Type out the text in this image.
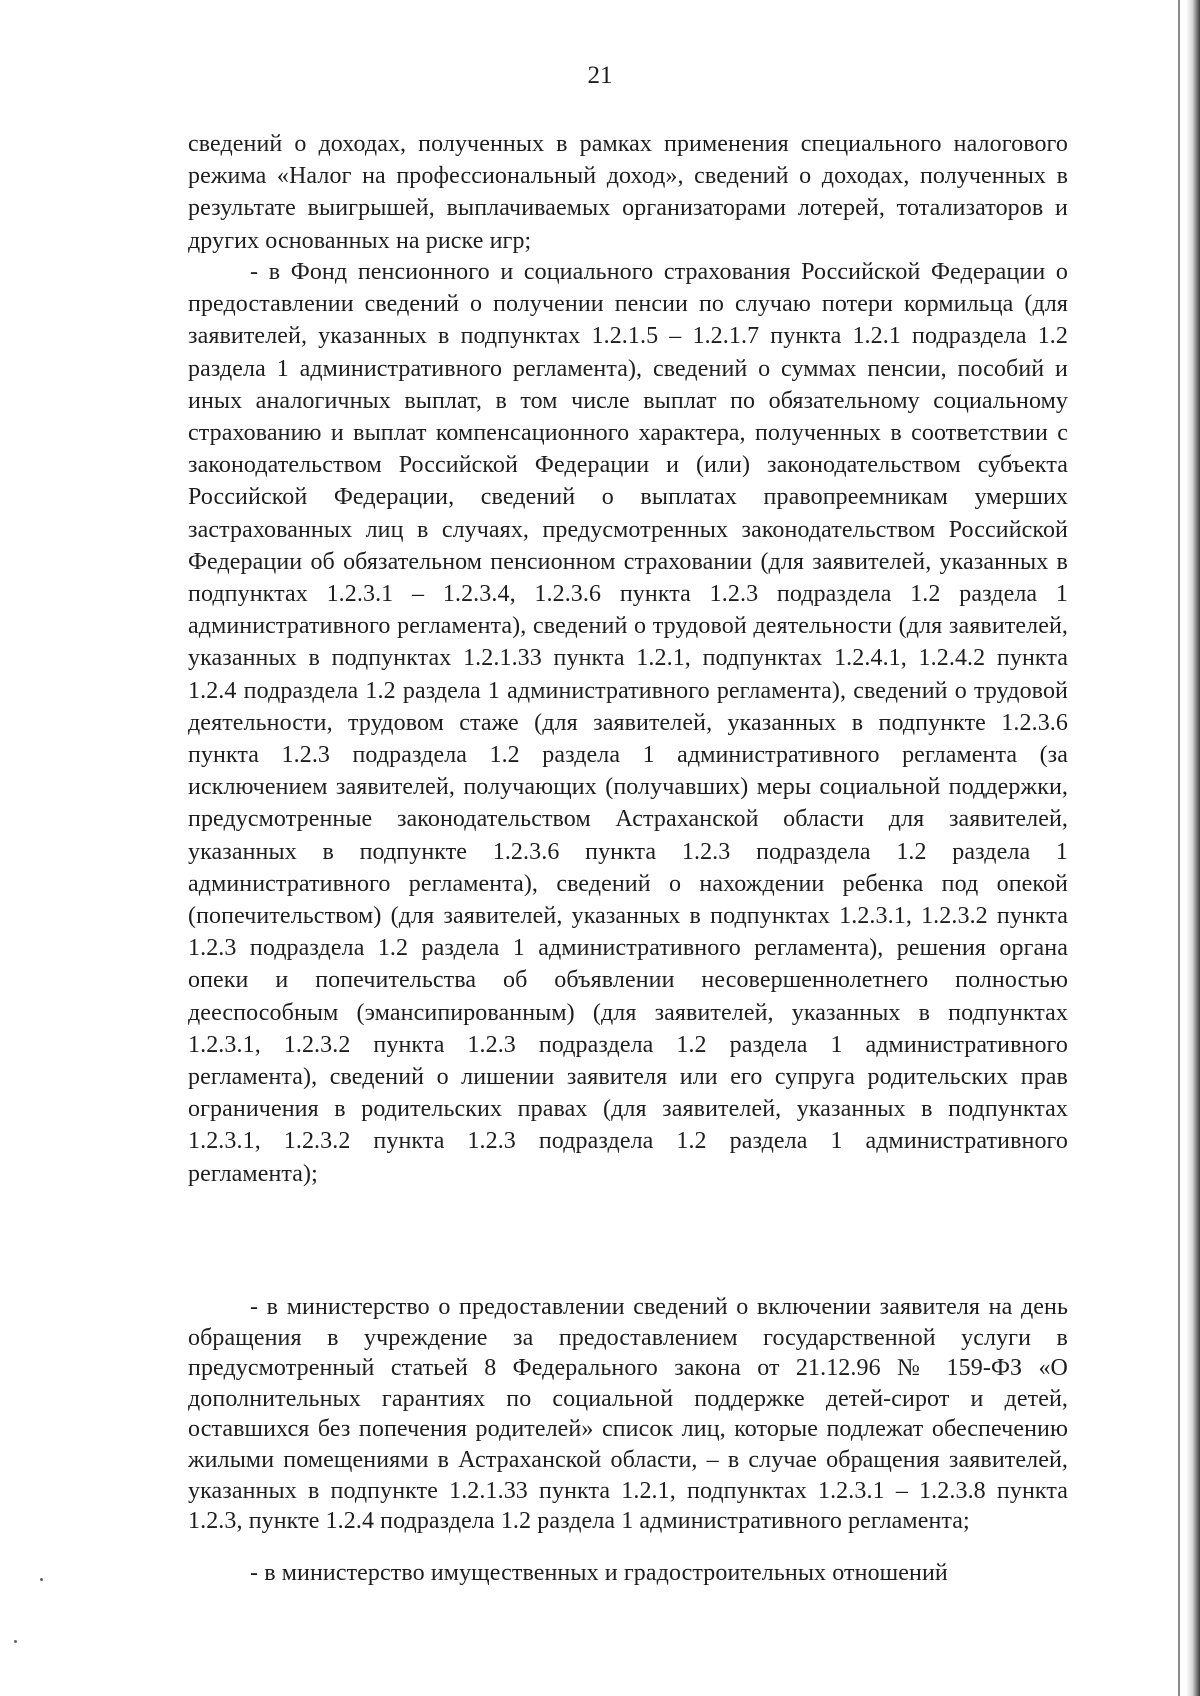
21

сведений о доходах, полученных в рамках применения специального налогового режима «Налог на профессиональный доход», сведений о доходах, полученных в результате выигрышей, выплачиваемых организаторами лотерей, тотализаторов и других основанных на риске игр;

- в Фонд пенсионного и социального страхования Российской Федерации о предоставлении сведений о получении пенсии по случаю потери кормильца (для заявителей, указанных в подпунктах 1.2.1.5 – 1.2.1.7 пункта 1.2.1 подраздела 1.2 раздела 1 административного регламента), сведений о суммах пенсии, пособий и иных аналогичных выплат, в том числе выплат по обязательному социальному страхованию и выплат компенсационного характера, полученных в соответствии с законодательством Российской Федерации и (или) законодательством субъекта Российской Федерации, сведений о выплатах правопреемникам умерших застрахованных лиц в случаях, предусмотренных законодательством Российской Федерации об обязательном пенсионном страховании (для заявителей, указанных в подпунктах 1.2.3.1 – 1.2.3.4, 1.2.3.6 пункта 1.2.3 подраздела 1.2 раздела 1 административного регламента), сведений о трудовой деятельности (для заявителей, указанных в подпунктах 1.2.1.33 пункта 1.2.1, подпунктах 1.2.4.1, 1.2.4.2 пункта 1.2.4 подраздела 1.2 раздела 1 административного регламента), сведений о трудовой деятельности, трудовом стаже (для заявителей, указанных в подпункте 1.2.3.6 пункта 1.2.3 подраздела 1.2 раздела 1 административного регламента (за исключением заявителей, получающих (получавших) меры социальной поддержки, предусмотренные законодательством Астраханской области для заявителей, указанных в подпункте 1.2.3.6 пункта 1.2.3 подраздела 1.2 раздела 1 административного регламента), сведений о нахождении ребенка под опекой (попечительством) (для заявителей, указанных в подпунктах 1.2.3.1, 1.2.3.2 пункта 1.2.3 подраздела 1.2 раздела 1 административного регламента), решения органа опеки и попечительства об объявлении несовершеннолетнего полностью дееспособным (эмансипированным) (для заявителей, указанных в подпунктах 1.2.3.1, 1.2.3.2 пункта 1.2.3 подраздела 1.2 раздела 1 административного регламента), сведений о лишении заявителя или его супруга родительских прав ограничения в родительских правах (для заявителей, указанных в подпунктах 1.2.3.1, 1.2.3.2 пункта 1.2.3 подраздела 1.2 раздела 1 административного регламента);

- в министерство о предоставлении сведений о включении заявителя на день обращения в учреждение за предоставлением государственной услуги в предусмотренный статьей 8 Федерального закона от 21.12.96 № 159-ФЗ «О дополнительных гарантиях по социальной поддержке детей-сирот и детей, оставшихся без попечения родителей» список лиц, которые подлежат обеспечению жилыми помещениями в Астраханской области, – в случае обращения заявителей, указанных в подпункте 1.2.1.33 пункта 1.2.1, подпунктах 1.2.3.1 – 1.2.3.8 пункта 1.2.3, пункте 1.2.4 подраздела 1.2 раздела 1 административного регламента;

- в министерство имущественных и градостроительных отношений
